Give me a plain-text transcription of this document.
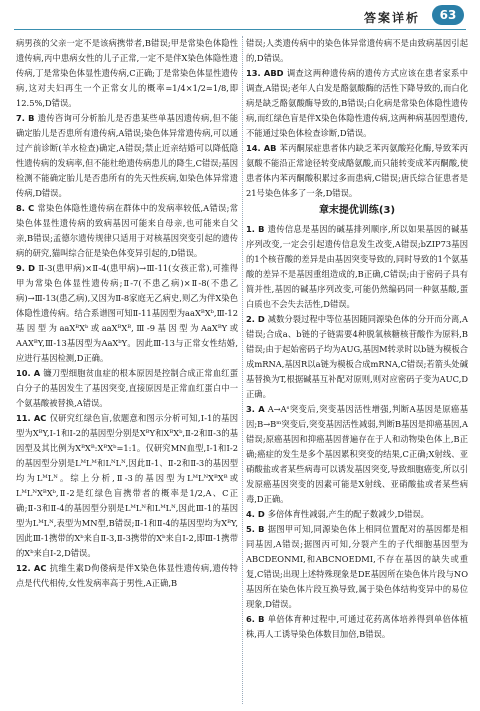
答案详析	63

病男孩的父亲一定不是该病携带者,B错误;甲是常染色体隐性遗传病,丙中患病女性的儿子正常,一定不是伴X染色体隐性遗传病,丁是常染色体显性遗传病,C正确;丁是常染色体显性遗传病,这对夫妇再生一个正常女儿的概率=1/4×1/2=1/8,即12.5%,D错误。

7. B 遗传咨询可分析胎儿是否患某些单基因遗传病,但不能确定胎儿是否患所有遗传病,A错误;染色体异常遗传病,可以通过产前诊断(羊水检查)确定,A错误;禁止近亲结婚可以降低隐性遗传病的发病率,但不能杜绝遗传病患儿的降生,C错误;基因检测不能确定胎儿是否患所有的先天性疾病,如染色体异常遗传病,D错误。

8. C 常染色体隐性遗传病在群体中的发病率较低,A错误;常染色体显性遗传病的致病基因可能来自母亲,也可能来自父亲,B错误;孟德尔遗传规律只适用于对核基因突变引起的遗传病的研究,猫叫综合征是染色体变异引起的,D错误。

9. D Ⅱ-3(患甲病)×Ⅱ-4(患甲病)→Ⅲ-11(女孩正常),可推得甲为常染色体显性遗传病;Ⅱ-7(不患乙病)×Ⅱ-8(不患乙病)→Ⅲ-13(患乙病),又因为Ⅱ-8家庭无乙病史,则乙为伴X染色体隐性遗传病。结合系谱图可知Ⅱ-11基因型为aaXᴮXᵇ,Ⅲ-12基因型为aaXᴮXᵇ或aaXᴮXᴮ,Ⅲ-9基因型为AaXᴮY或AAXᴮY,Ⅲ-13基因型为AaXᵇY。因此Ⅲ-13与正常女性结婚,应进行基因检测,D正确。

10. A 镰刀型细胞贫血症的根本原因是控制合成正常血红蛋白分子的基因发生了基因突变,直接原因是正常血红蛋白中一个氨基酸被替换,A错误。

11. AC 仅研究红绿色盲,依题意和图示分析可知,Ⅰ-1的基因型为XᴮY,Ⅰ-1和Ⅰ-2的基因型分别是XᴮY和XᴮXᵇ,Ⅱ-2和Ⅱ-3的基因型及其比例为XᴮXᴮ:XᴮXᵇ=1:1。仅研究MN血型,Ⅰ-1和Ⅰ-2的基因型分别是LᴹLᴹ和LᴺLᴺ,因此Ⅱ-1、Ⅱ-2和Ⅱ-3的基因型均为LᴹLᴺ。综上分析,Ⅱ-3的基因型为LᴹLᴺXᴮXᴮ或LᴹLᴺXᴮXᵇ,Ⅱ-2是红绿色盲携带者的概率是1/2,A、C正确;Ⅱ-3和Ⅱ-4的基因型分别是LᴹLᴺ和LᴹLᴺ,因此Ⅲ-1的基因型为LᴹLᴺ,表型为MN型,B错误;Ⅱ-1和Ⅱ-4的基因型均为XᴮY,因此Ⅲ-1携带的Xᵇ来自Ⅱ-3,Ⅱ-3携带的Xᵇ来自Ⅰ-2,即Ⅲ-1携带的Xᵇ来自Ⅰ-2,D错误。

12. AC 抗维生素D佝偻病是伴X染色体显性遗传病,遗传特点是代代相传,女性发病率高于男性,A正确,B

错误;人类遗传病中的染色体异常遗传病不是由致病基因引起的,D错误。

13. ABD 调查这两种遗传病的遗传方式应该在患者家系中调查,A错误;老年人白发是酪氨酸酶的活性下降导致的,而白化病是缺乏酪氨酸酶导致的,B错误;白化病是常染色体隐性遗传病,而红绿色盲是伴X染色体隐性遗传病,这两种病基因型遗传,不能通过染色体检查诊断,D错误。

14. AB 苯丙酮尿症患者体内缺乏苯丙氨酸羟化酶,导致苯丙氨酸不能沿正常途径转变成酪氨酸,而只能转变成苯丙酮酸,使患者体内苯丙酮酸积累过多而患病,C错误;唐氏综合征患者是21号染色体多了一条,D错误。

章末提优训练(3)

1. B 遗传信息是基因的碱基排列顺序,所以如果基因的碱基序列改变,一定会引起遗传信息发生改变,A错误;bZIP73基因的1个核苷酸的差异是由基因突变导致的,同时导致的1个氨基酸的差异不是基因重组造成的,B正确,C错误;由于密码子具有简并性,基因的碱基序列改变,可能仍然编码同一种氨基酸,蛋白质也不会失去活性,D错误。

2. D 减数分裂过程中等位基因随同源染色体的分开而分离,A错误;合成a、b链的子链需要4种脱氧核糖核苷酸作为原料,B错误;由于起始密码子均为AUG,基因M转录时以b链为模板合成mRNA,基因R以a链为模板合成mRNA,C错误;若箭头处碱基替换为T,根据碱基互补配对原则,则对应密码子变为AUC,D正确。

3. A A→Aˢ突变后,突变基因活性增强,判断A基因是原癌基因;B→Bᵐ突变后,突变基因活性减弱,判断B基因是抑癌基因,A错误;原癌基因和抑癌基因普遍存在于人和动物染色体上,B正确;癌症的发生是多个基因累积突变的结果,C正确;X射线、亚硝酸盐或者某些病毒可以诱发基因突变,导致细胞癌变,所以引发原癌基因突变的因素可能是X射线、亚硝酸盐或者某些病毒,D正确。

4. D 多倍体育性减弱,产生的配子数减少,D错误。

5. B 据图甲可知,同源染色体上相同位置配对的基因都是相同基因,A错误;据图丙可知,分裂产生的子代细胞基因型为ABCDEONMI,和ABCNOEDMI,不存在基因的缺失或重复,C错误;出现上述特殊现象是DE基因所在染色体片段与NO基因所在染色体片段互换导致,属于染色体结构变异中的易位现象,D错误。

6. B 单倍体育种过程中,可通过花药离体培养得到单倍体植株,再人工诱导染色体数目加倍,B错误。
